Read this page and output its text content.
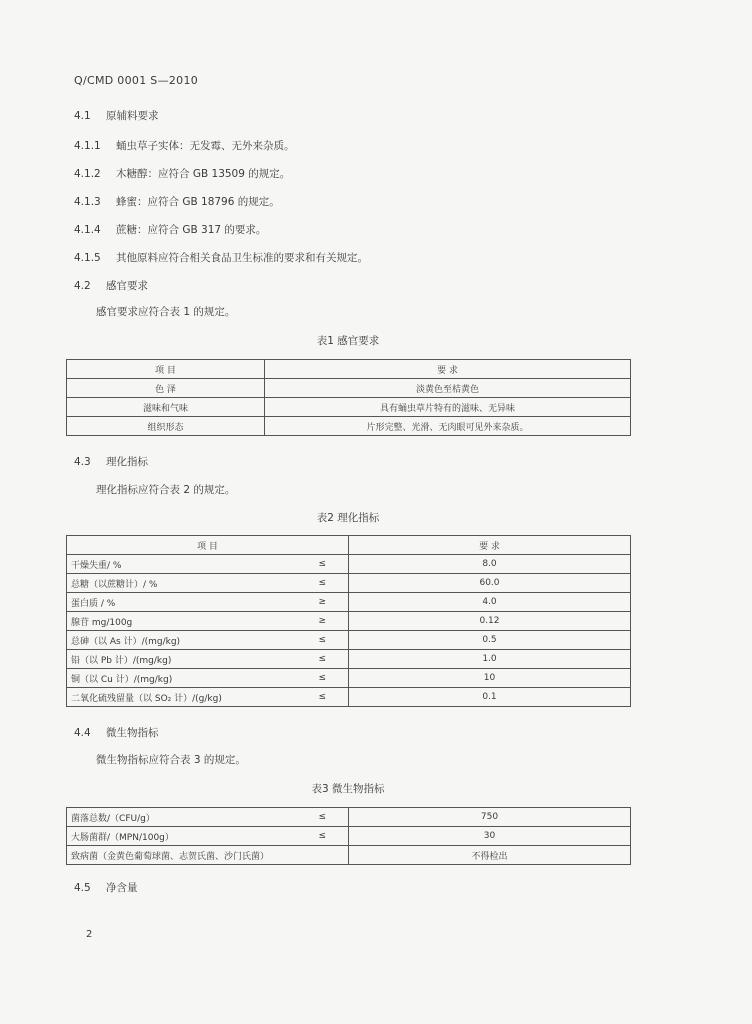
Q/CMD 0001 S—2010
4.1 原辅料要求
4.1.1 蛹虫草子实体：无发霉、无外来杂质。
4.1.2 木糖醇：应符合 GB 13509 的规定。
4.1.3 蜂蜜：应符合 GB 18796 的规定。
4.1.4 蔗糖：应符合 GB 317 的要求。
4.1.5 其他原料应符合相关食品卫生标准的要求和有关规定。
4.2 感官要求
感官要求应符合表 1 的规定。
表1 感官要求
项 目	要 求
色 泽	淡黄色至桔黄色
滋味和气味	具有蛹虫草片特有的滋味、无异味
组织形态	片形完整、光滑、无肉眼可见外来杂质。
4.3 理化指标
理化指标应符合表 2 的规定。
表2 理化指标
项 目		要 求
干燥失重/ %	≤	8.0
总糖（以蔗糖计）/ %	≤	60.0
蛋白质 / %	≥	4.0
腺苷 mg/100g	≥	0.12
总砷（以 As 计）/(mg/kg)	≤	0.5
铅（以 Pb 计）/(mg/kg)	≤	1.0
铜（以 Cu 计）/(mg/kg)	≤	10
二氧化硫残留量（以 SO₂ 计）/(g/kg)	≤	0.1
4.4 微生物指标
微生物指标应符合表 3 的规定。
表3 微生物指标
菌落总数/（CFU/g）	≤	750
大肠菌群/（MPN/100g）	≤	30
致病菌（金黄色葡萄球菌、志贺氏菌、沙门氏菌）		不得检出
4.5 净含量
2
